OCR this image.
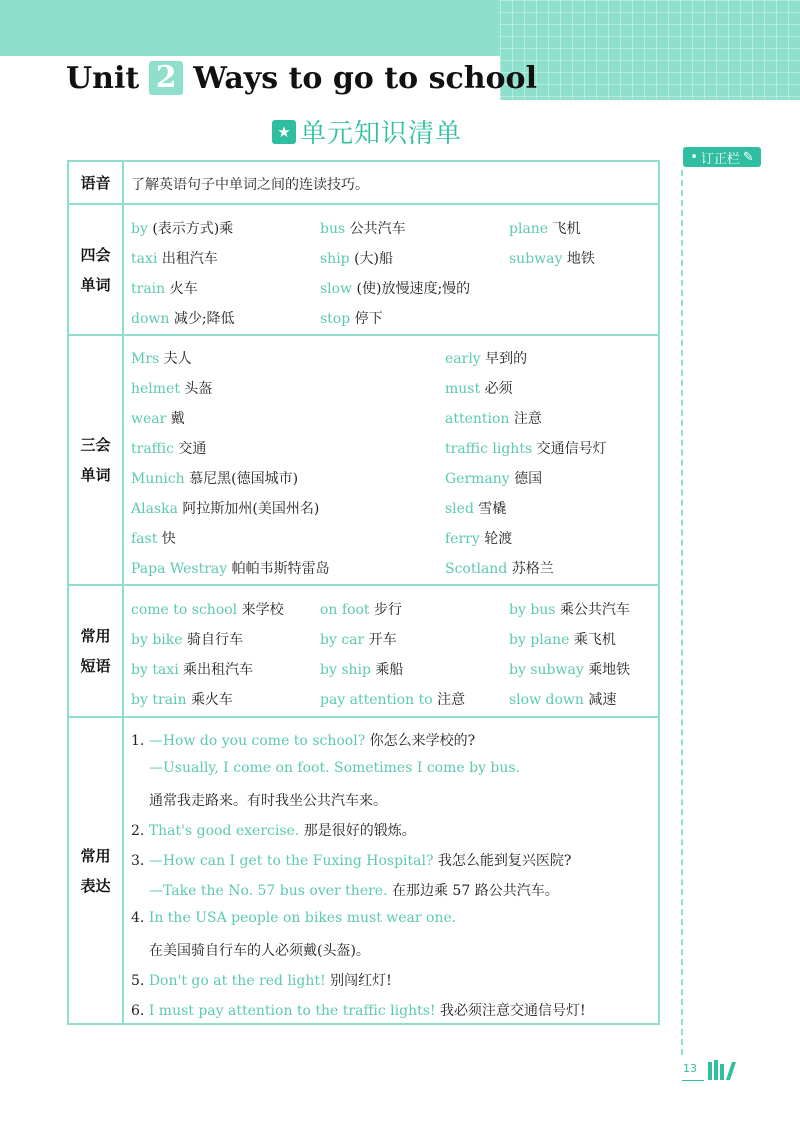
Unit 2 Ways to go to school
★ 单元知识清单
• 订正栏 ✎
语音 了解英语句子中单词之间的连读技巧。
四会
单词
by (表示方式)乘	bus 公共汽车	plane 飞机
taxi 出租汽车	ship (大)船	subway 地铁
train 火车	slow (使)放慢速度;慢的
down 减少;降低	stop 停下
三会
单词
Mrs 夫人	early 早到的
helmet 头盔	must 必须
wear 戴	attention 注意
traffic 交通	traffic lights 交通信号灯
Munich 慕尼黑(德国城市)	Germany 德国
Alaska 阿拉斯加州(美国州名)	sled 雪橇
fast 快	ferry 轮渡
Papa Westray 帕帕韦斯特雷岛	Scotland 苏格兰
常用
短语
come to school 来学校	on foot 步行	by bus 乘公共汽车
by bike 骑自行车	by car 开车	by plane 乘飞机
by taxi 乘出租汽车	by ship 乘船	by subway 乘地铁
by train 乘火车	pay attention to 注意	slow down 减速
常用
表达
1. —How do you come to school? 你怎么来学校的?
—Usually, I come on foot. Sometimes I come by bus.
通常我走路来。有时我坐公共汽车来。
2. That's good exercise. 那是很好的锻炼。
3. —How can I get to the Fuxing Hospital? 我怎么能到复兴医院?
—Take the No. 57 bus over there. 在那边乘 57 路公共汽车。
4. In the USA people on bikes must wear one.
在美国骑自行车的人必须戴(头盔)。
5. Don't go at the red light! 别闯红灯!
6. I must pay attention to the traffic lights! 我必须注意交通信号灯!
13
